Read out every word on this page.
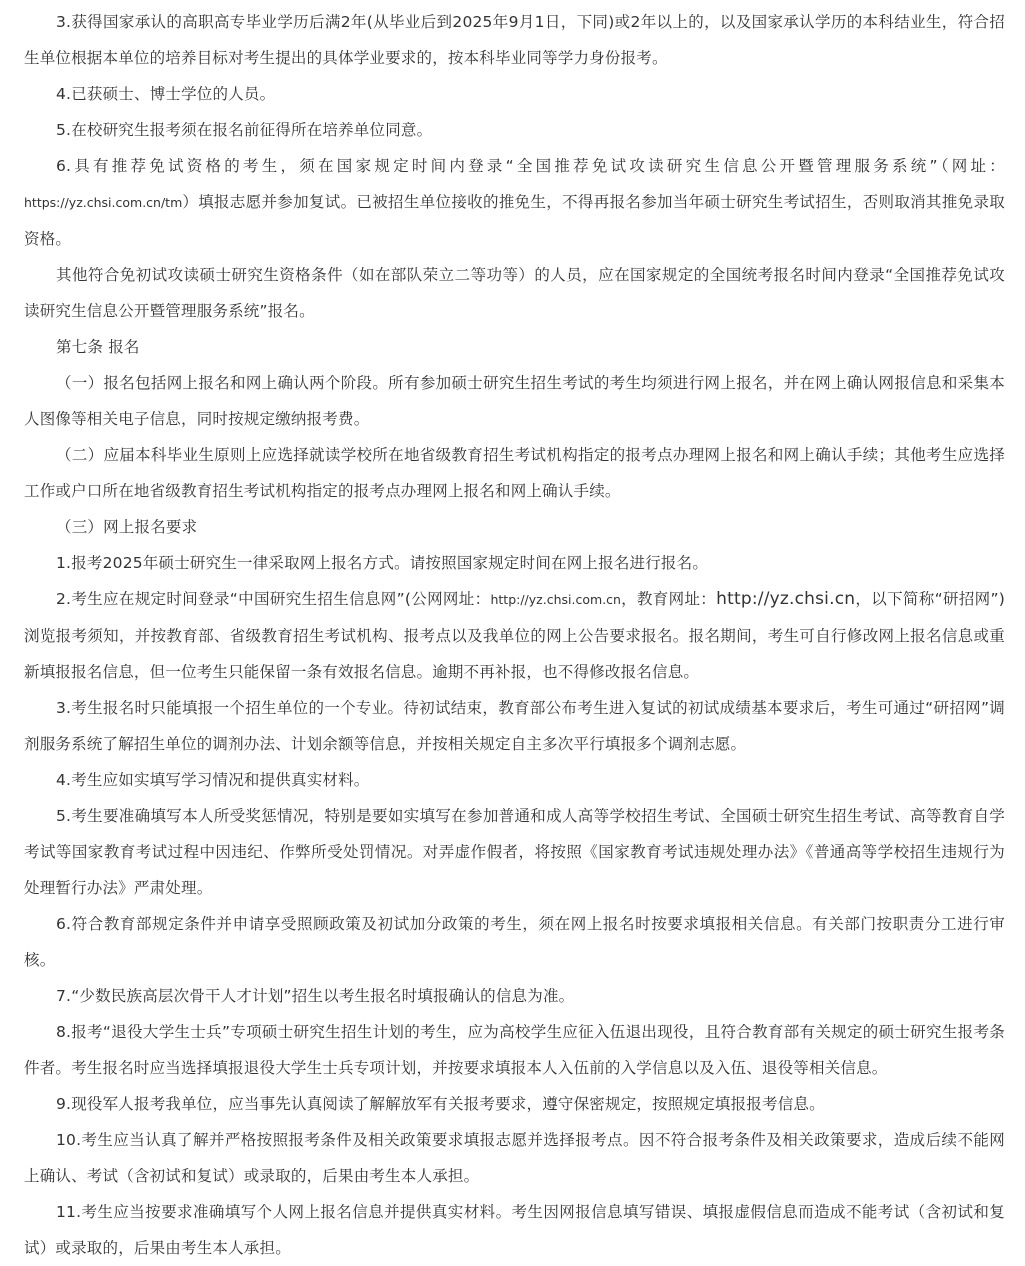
3.获得国家承认的高职高专毕业学历后满2年(从毕业后到2025年9月1日，下同)或2年以上的，以及国家承认学历的本科结业生，符合招生单位根据本单位的培养目标对考生提出的具体学业要求的，按本科毕业同等学力身份报考。

4.已获硕士、博士学位的人员。

5.在校研究生报考须在报名前征得所在培养单位同意。

6.具有推荐免试资格的考生，须在国家规定时间内登录“全国推荐免试攻读研究生信息公开暨管理服务系统”（网址：https://yz.chsi.com.cn/tm）填报志愿并参加复试。已被招生单位接收的推免生，不得再报名参加当年硕士研究生考试招生，否则取消其推免录取资格。

其他符合免初试攻读硕士研究生资格条件（如在部队荣立二等功等）的人员，应在国家规定的全国统考报名时间内登录“全国推荐免试攻读研究生信息公开暨管理服务系统”报名。

第七条 报名

（一）报名包括网上报名和网上确认两个阶段。所有参加硕士研究生招生考试的考生均须进行网上报名，并在网上确认网报信息和采集本人图像等相关电子信息，同时按规定缴纳报考费。

（二）应届本科毕业生原则上应选择就读学校所在地省级教育招生考试机构指定的报考点办理网上报名和网上确认手续；其他考生应选择工作或户口所在地省级教育招生考试机构指定的报考点办理网上报名和网上确认手续。

（三）网上报名要求

1.报考2025年硕士研究生一律采取网上报名方式。请按照国家规定时间在网上报名进行报名。

2.考生应在规定时间登录“中国研究生招生信息网”(公网网址：http://yz.chsi.com.cn，教育网址：http://yz.chsi.cn，以下简称“研招网”)浏览报考须知，并按教育部、省级教育招生考试机构、报考点以及我单位的网上公告要求报名。报名期间，考生可自行修改网上报名信息或重新填报报名信息，但一位考生只能保留一条有效报名信息。逾期不再补报，也不得修改报名信息。

3.考生报名时只能填报一个招生单位的一个专业。待初试结束，教育部公布考生进入复试的初试成绩基本要求后，考生可通过“研招网”调剂服务系统了解招生单位的调剂办法、计划余额等信息，并按相关规定自主多次平行填报多个调剂志愿。

4.考生应如实填写学习情况和提供真实材料。

5.考生要准确填写本人所受奖惩情况，特别是要如实填写在参加普通和成人高等学校招生考试、全国硕士研究生招生考试、高等教育自学考试等国家教育考试过程中因违纪、作弊所受处罚情况。对弄虚作假者，将按照《国家教育考试违规处理办法》《普通高等学校招生违规行为处理暂行办法》严肃处理。

6.符合教育部规定条件并申请享受照顾政策及初试加分政策的考生，须在网上报名时按要求填报相关信息。有关部门按职责分工进行审核。

7.“少数民族高层次骨干人才计划”招生以考生报名时填报确认的信息为准。

8.报考“退役大学生士兵”专项硕士研究生招生计划的考生，应为高校学生应征入伍退出现役，且符合教育部有关规定的硕士研究生报考条件者。考生报名时应当选择填报退役大学生士兵专项计划，并按要求填报本人入伍前的入学信息以及入伍、退役等相关信息。

9.现役军人报考我单位，应当事先认真阅读了解解放军有关报考要求，遵守保密规定，按照规定填报报考信息。

10.考生应当认真了解并严格按照报考条件及相关政策要求填报志愿并选择报考点。因不符合报考条件及相关政策要求，造成后续不能网上确认、考试（含初试和复试）或录取的，后果由考生本人承担。

11.考生应当按要求准确填写个人网上报名信息并提供真实材料。考生因网报信息填写错误、填报虚假信息而造成不能考试（含初试和复试）或录取的，后果由考生本人承担。
